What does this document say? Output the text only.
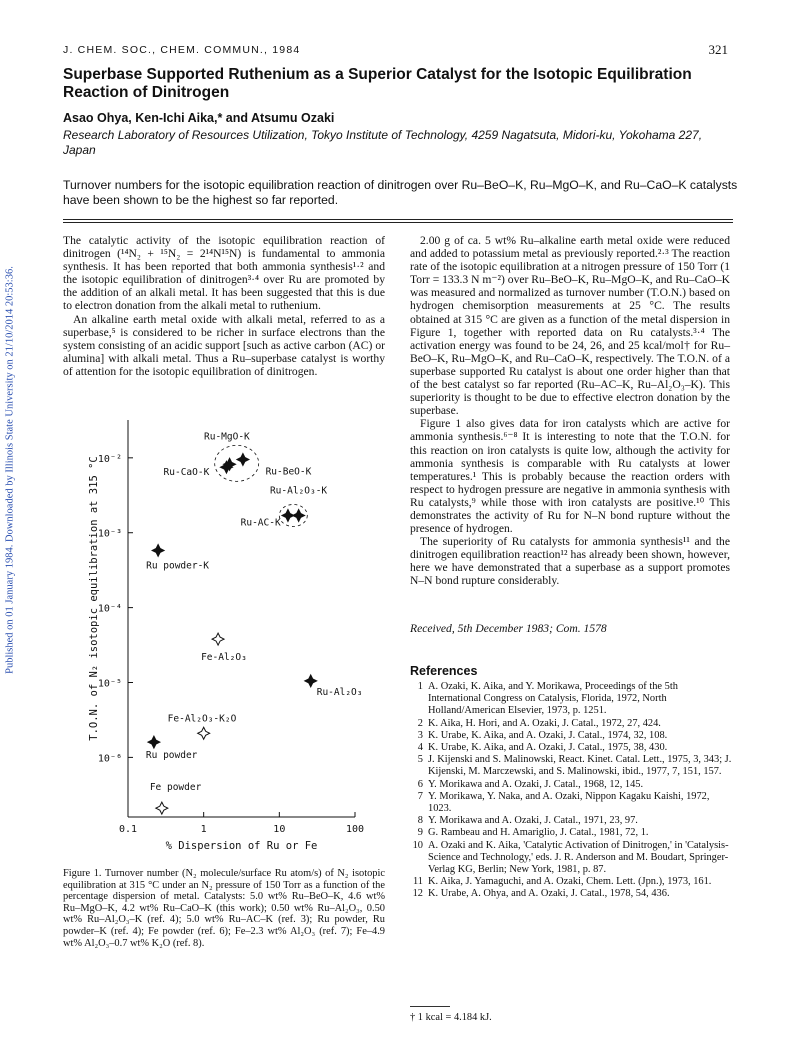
J. CHEM. SOC., CHEM. COMMUN., 1984	321
Superbase Supported Ruthenium as a Superior Catalyst for the Isotopic Equilibration Reaction of Dinitrogen
Asao Ohya, Ken-Ichi Aika,* and Atsumu Ozaki
Research Laboratory of Resources Utilization, Tokyo Institute of Technology, 4259 Nagatsuta, Midori-ku, Yokohama 227, Japan
Turnover numbers for the isotopic equilibration reaction of dinitrogen over Ru–BeO–K, Ru–MgO–K, and Ru–CaO–K catalysts have been shown to be the highest so far reported.
Published on 01 January 1984. Downloaded by Illinois State University on 21/10/2014 20:53:36.

The catalytic activity of the isotopic equilibration reaction of dinitrogen (¹⁴N₂ + ¹⁵N₂ = 2¹⁴N¹⁵N) is fundamental to ammonia synthesis. It has been reported that both ammonia synthesis¹·² and the isotopic equilibration of dinitrogen³·⁴ over Ru are promoted by the addition of an alkali metal. It has been suggested that this is due to electron donation from the alkali metal to ruthenium.

An alkaline earth metal oxide with alkali metal, referred to as a superbase,⁵ is considered to be richer in surface electrons than the system consisting of an acidic support [such as active carbon (AC) or alumina] with alkali metal. Thus a Ru–superbase catalyst is worthy of attention for the isotopic equilibration of dinitrogen.

2.00 g of ca. 5 wt% Ru–alkaline earth metal oxide were reduced and added to potassium metal as previously reported.²·³ The reaction rate of the isotopic equilibration at a nitrogen pressure of 150 Torr (1 Torr = 133.3 N m⁻²) over Ru–BeO–K, Ru–MgO–K, and Ru–CaO–K was measured and normalized as turnover number (T.O.N.) based on hydrogen chemisorption measurements at 25 °C. The results obtained at 315 °C are given as a function of the metal dispersion in Figure 1, together with reported data on Ru catalysts.³·⁴ The activation energy was found to be 24, 26, and 25 kcal/mol† for Ru–BeO–K, Ru–MgO–K, and Ru–CaO–K, respectively. The T.O.N. of a superbase supported Ru catalyst is about one order higher than that of the best catalyst so far reported (Ru–AC–K, Ru–Al₂O₃–K). This superiority is thought to be due to effective electron donation by the superbase.

Figure 1 also gives data for iron catalysts which are active for ammonia synthesis.⁶⁻⁸ It is interesting to note that the T.O.N. for this reaction on iron catalysts is quite low, although the activity for ammonia synthesis is comparable with Ru catalysts at lower temperatures.¹ This is probably because the reaction orders with respect to hydrogen pressure are negative in ammonia synthesis with Ru catalysts,⁹ while those with iron catalysts are positive.¹⁰ This demonstrates the activity of Ru for N–N bond rupture without the presence of hydrogen.

The superiority of Ru catalysts for ammonia synthesis¹¹ and the dinitrogen equilibration reaction¹² has already been shown, however, here we have demonstrated that a superbase as a support promotes N–N bond rupture considerably.

Received, 5th December 1983; Com. 1578
References
1 A. Ozaki, K. Aika, and Y. Morikawa, Proceedings of the 5th International Congress on Catalysis, Florida, 1972, North Holland/American Elsevier, 1973, p. 1251.
2 K. Aika, H. Hori, and A. Ozaki, J. Catal., 1972, 27, 424.
3 K. Urabe, K. Aika, and A. Ozaki, J. Catal., 1974, 32, 108.
4 K. Urabe, K. Aika, and A. Ozaki, J. Catal., 1975, 38, 430.
5 J. Kijenski and S. Malinowski, React. Kinet. Catal. Lett., 1975, 3, 343; J. Kijenski, M. Marczewski, and S. Malinowski, ibid., 1977, 7, 151, 157.
6 Y. Morikawa and A. Ozaki, J. Catal., 1968, 12, 145.
7 Y. Morikawa, Y. Naka, and A. Ozaki, Nippon Kagaku Kaishi, 1972, 1023.
8 Y. Morikawa and A. Ozaki, J. Catal., 1971, 23, 97.
9 G. Rambeau and H. Amariglio, J. Catal., 1981, 72, 1.
10 A. Ozaki and K. Aika, 'Catalytic Activation of Dinitrogen,' in 'Catalysis-Science and Technology,' eds. J. R. Anderson and M. Boudart, Springer-Verlag KG, Berlin; New York, 1981, p. 87.
11 K. Aika, J. Yamaguchi, and A. Ozaki, Chem. Lett. (Jpn.), 1973, 161.
12 K. Urabe, A. Ohya, and A. Ozaki, J. Catal., 1978, 54, 436.
† 1 kcal = 4.184 kJ.
10⁻²
10⁻³
10⁻⁴
10⁻⁵
10⁻⁶
0.1	1	10	100
% Dispersion of Ru or Fe
T.O.N. of N₂ isotopic equilibration at 315 °C
Ru-MgO-K
Ru-CaO-K	Ru-BeO-K
Ru-Al₂O₃-K
Ru-AC-K
Ru powder-K
Fe-Al₂O₃
Ru-Al₂O₃
Fe-Al₂O₃-K₂O
Ru powder
Fe powder
Figure 1. Turnover number (N₂ molecule/surface Ru atom/s) of N₂ isotopic equilibration at 315 °C under an N₂ pressure of 150 Torr as a function of the percentage dispersion of metal. Catalysts: 5.0 wt% Ru–BeO–K, 4.6 wt% Ru–MgO–K, 4.2 wt% Ru–CaO–K (this work); 0.50 wt% Ru–Al₂O₃, 0.50 wt% Ru–Al₂O₃–K (ref. 4); 5.0 wt% Ru–AC–K (ref. 3); Ru powder, Ru powder–K (ref. 4); Fe powder (ref. 6); Fe–2.3 wt% Al₂O₃ (ref. 7); Fe–4.9 wt% Al₂O₃–0.7 wt% K₂O (ref. 8).
